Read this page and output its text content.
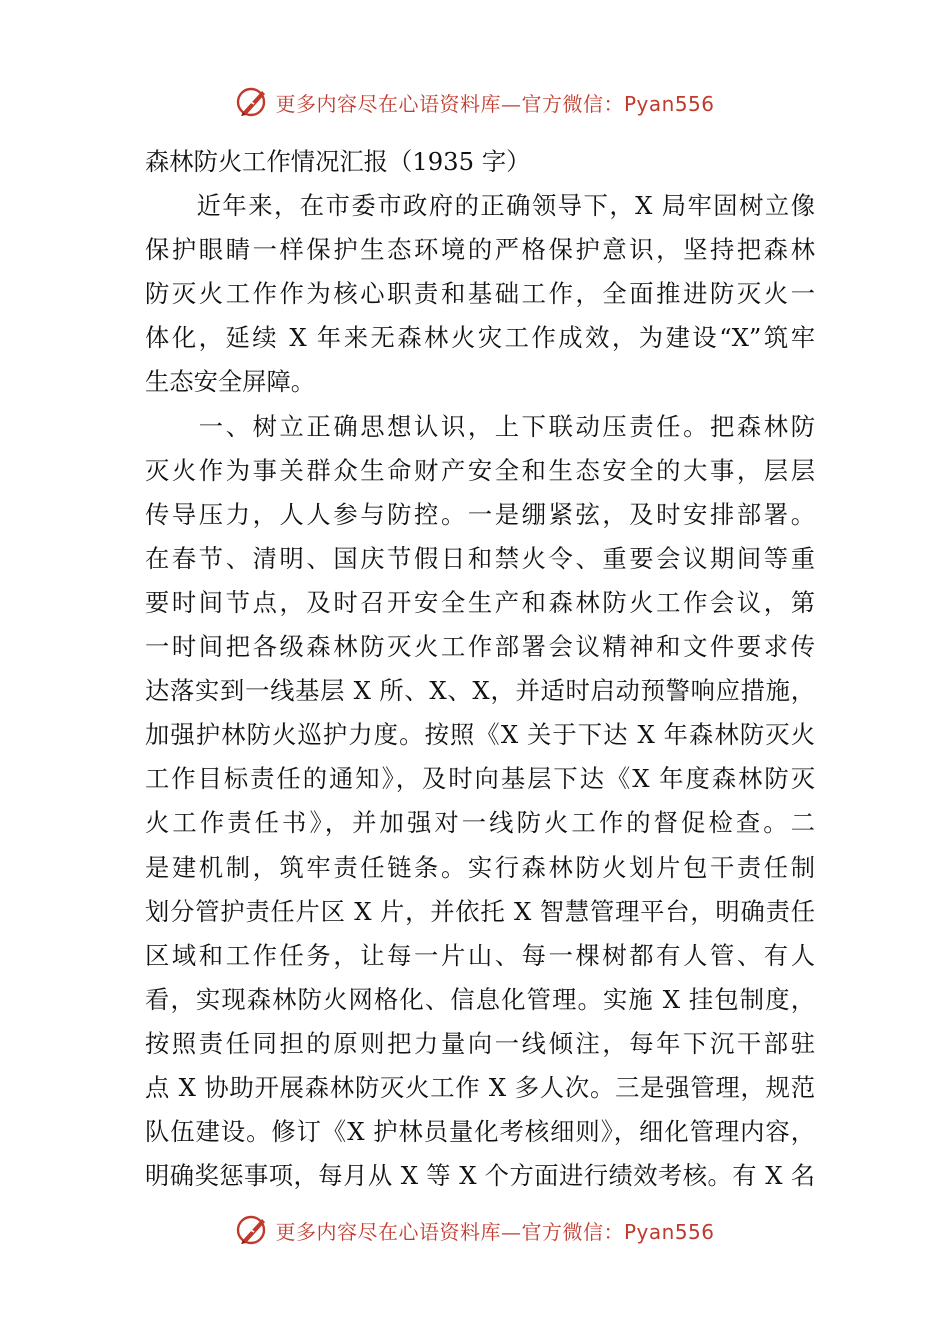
更多内容尽在心语资料库—官方微信：Pyan556
森林防火工作情况汇报（1935 字）
　　近年来，在市委市政府的正确领导下，X 局牢固树立像
保护眼睛一样保护生态环境的严格保护意识，坚持把森林
防灭火工作作为核心职责和基础工作，全面推进防灭火一
体化，延续 X 年来无森林火灾工作成效，为建设“X”筑牢
生态安全屏障。
　　一、树立正确思想认识，上下联动压责任。把森林防
灭火作为事关群众生命财产安全和生态安全的大事，层层
传导压力，人人参与防控。一是绷紧弦，及时安排部署。
在春节、清明、国庆节假日和禁火令、重要会议期间等重
要时间节点，及时召开安全生产和森林防火工作会议，第
一时间把各级森林防灭火工作部署会议精神和文件要求传
达落实到一线基层 X 所、X、X，并适时启动预警响应措施，
加强护林防火巡护力度。按照《X 关于下达 X 年森林防灭火
工作目标责任的通知》，及时向基层下达《X 年度森林防灭
火工作责任书》，并加强对一线防火工作的督促检查。二
是建机制，筑牢责任链条。实行森林防火划片包干责任制
划分管护责任片区 X 片，并依托 X 智慧管理平台，明确责任
区域和工作任务，让每一片山、每一棵树都有人管、有人
看，实现森林防火网格化、信息化管理。实施 X 挂包制度，
按照责任同担的原则把力量向一线倾注，每年下沉干部驻
点 X 协助开展森林防灭火工作 X 多人次。三是强管理，规范
队伍建设。修订《X 护林员量化考核细则》，细化管理内容，
明确奖惩事项，每月从 X 等 X 个方面进行绩效考核。有 X 名
更多内容尽在心语资料库—官方微信：Pyan556
